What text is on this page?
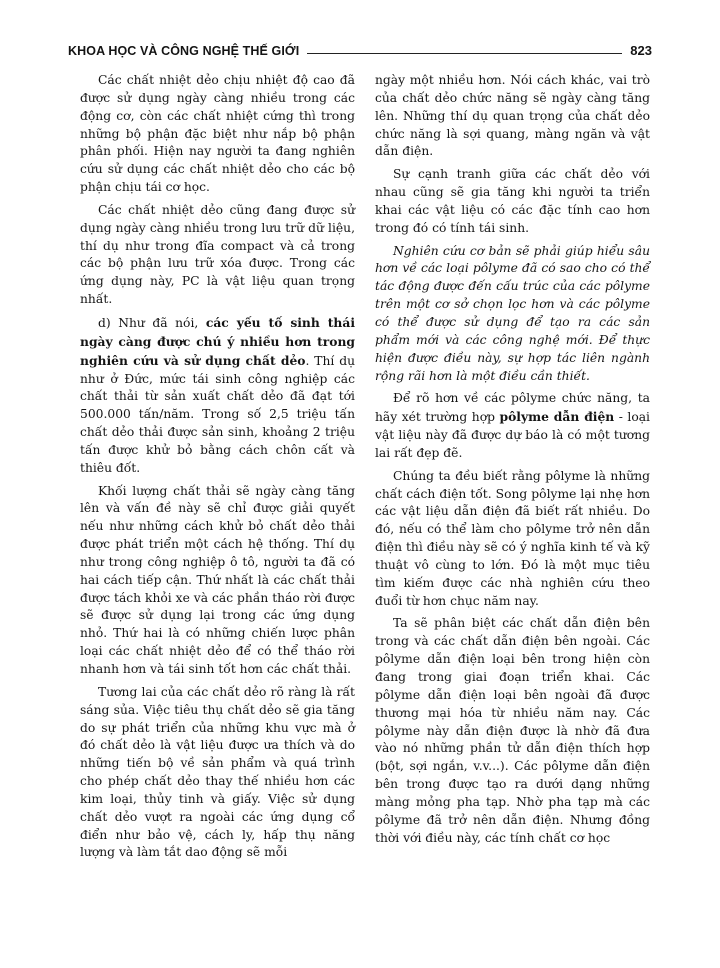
KHOA HỌC VÀ CÔNG NGHỆ THẾ GIỚI	823

Các chất nhiệt dẻo chịu nhiệt độ cao đã được sử dụng ngày càng nhiều trong các động cơ, còn các chất nhiệt cứng thì trong những bộ phận đặc biệt như nắp bộ phận phân phối. Hiện nay người ta đang nghiên cứu sử dụng các chất nhiệt dẻo cho các bộ phận chịu tái cơ học.

Các chất nhiệt dẻo cũng đang được sử dụng ngày càng nhiều trong lưu trữ dữ liệu, thí dụ như trong đĩa compact và cả trong các bộ phận lưu trữ xóa được. Trong các ứng dụng này, PC là vật liệu quan trọng nhất.

d) Như đã nói, các yếu tố sinh thái ngày càng được chú ý nhiều hơn trong nghiên cứu và sử dụng chất dẻo. Thí dụ như ở Đức, mức tái sinh công nghiệp các chất thải từ sản xuất chất dẻo đã đạt tới 500.000 tấn/năm. Trong số 2,5 triệu tấn chất dẻo thải được sản sinh, khoảng 2 triệu tấn được khử bỏ bằng cách chôn cất và thiêu đốt.

Khối lượng chất thải sẽ ngày càng tăng lên và vấn đề này sẽ chỉ được giải quyết nếu như những cách khử bỏ chất dẻo thải được phát triển một cách hệ thống. Thí dụ như trong công nghiệp ô tô, người ta đã có hai cách tiếp cận. Thứ nhất là các chất thải được tách khỏi xe và các phần tháo rời được sẽ được sử dụng lại trong các ứng dụng nhỏ. Thứ hai là có những chiến lược phân loại các chất nhiệt dẻo để có thể tháo rời nhanh hơn và tái sinh tốt hơn các chất thải.

Tương lai của các chất dẻo rõ ràng là rất sáng sủa. Việc tiêu thụ chất dẻo sẽ gia tăng do sự phát triển của những khu vực mà ở đó chất dẻo là vật liệu được ưa thích và do những tiến bộ về sản phẩm và quá trình cho phép chất dẻo thay thế nhiều hơn các kim loại, thủy tinh và giấy. Việc sử dụng chất dẻo vượt ra ngoài các ứng dụng cổ điển như bảo vệ, cách ly, hấp thụ năng lượng và làm tắt dao động sẽ mỗi

ngày một nhiều hơn. Nói cách khác, vai trò của chất dẻo chức năng sẽ ngày càng tăng lên. Những thí dụ quan trọng của chất dẻo chức năng là sợi quang, màng ngăn và vật dẫn điện.

Sự cạnh tranh giữa các chất dẻo với nhau cũng sẽ gia tăng khi người ta triển khai các vật liệu có các đặc tính cao hơn trong đó có tính tái sinh.

Nghiên cứu cơ bản sẽ phải giúp hiểu sâu hơn về các loại pôlyme đã có sao cho có thể tác động được đến cấu trúc của các pôlyme trên một cơ sở chọn lọc hơn và các pôlyme có thể được sử dụng để tạo ra các sản phẩm mới và các công nghệ mới. Để thực hiện được điều này, sự hợp tác liên ngành rộng rãi hơn là một điều cần thiết.

Để rõ hơn về các pôlyme chức năng, ta hãy xét trường hợp pôlyme dẫn điện - loại vật liệu này đã được dự báo là có một tương lai rất đẹp đẽ.

Chúng ta đều biết rằng pôlyme là những chất cách điện tốt. Song pôlyme lại nhẹ hơn các vật liệu dẫn điện đã biết rất nhiều. Do đó, nếu có thể làm cho pôlyme trở nên dẫn điện thì điều này sẽ có ý nghĩa kinh tế và kỹ thuật vô cùng to lớn. Đó là một mục tiêu tìm kiếm được các nhà nghiên cứu theo đuổi từ hơn chục năm nay.

Ta sẽ phân biệt các chất dẫn điện bên trong và các chất dẫn điện bên ngoài. Các pôlyme dẫn điện loại bên trong hiện còn đang trong giai đoạn triển khai. Các pôlyme dẫn điện loại bên ngoài đã được thương mại hóa từ nhiều năm nay. Các pôlyme này dẫn điện được là nhờ đã đưa vào nó những phần tử dẫn điện thích hợp (bột, sợi ngắn, v.v...). Các pôlyme dẫn điện bên trong được tạo ra dưới dạng những màng mỏng pha tạp. Nhờ pha tạp mà các pôlyme đã trở nên dẫn điện. Nhưng đồng thời với điều này, các tính chất cơ học
